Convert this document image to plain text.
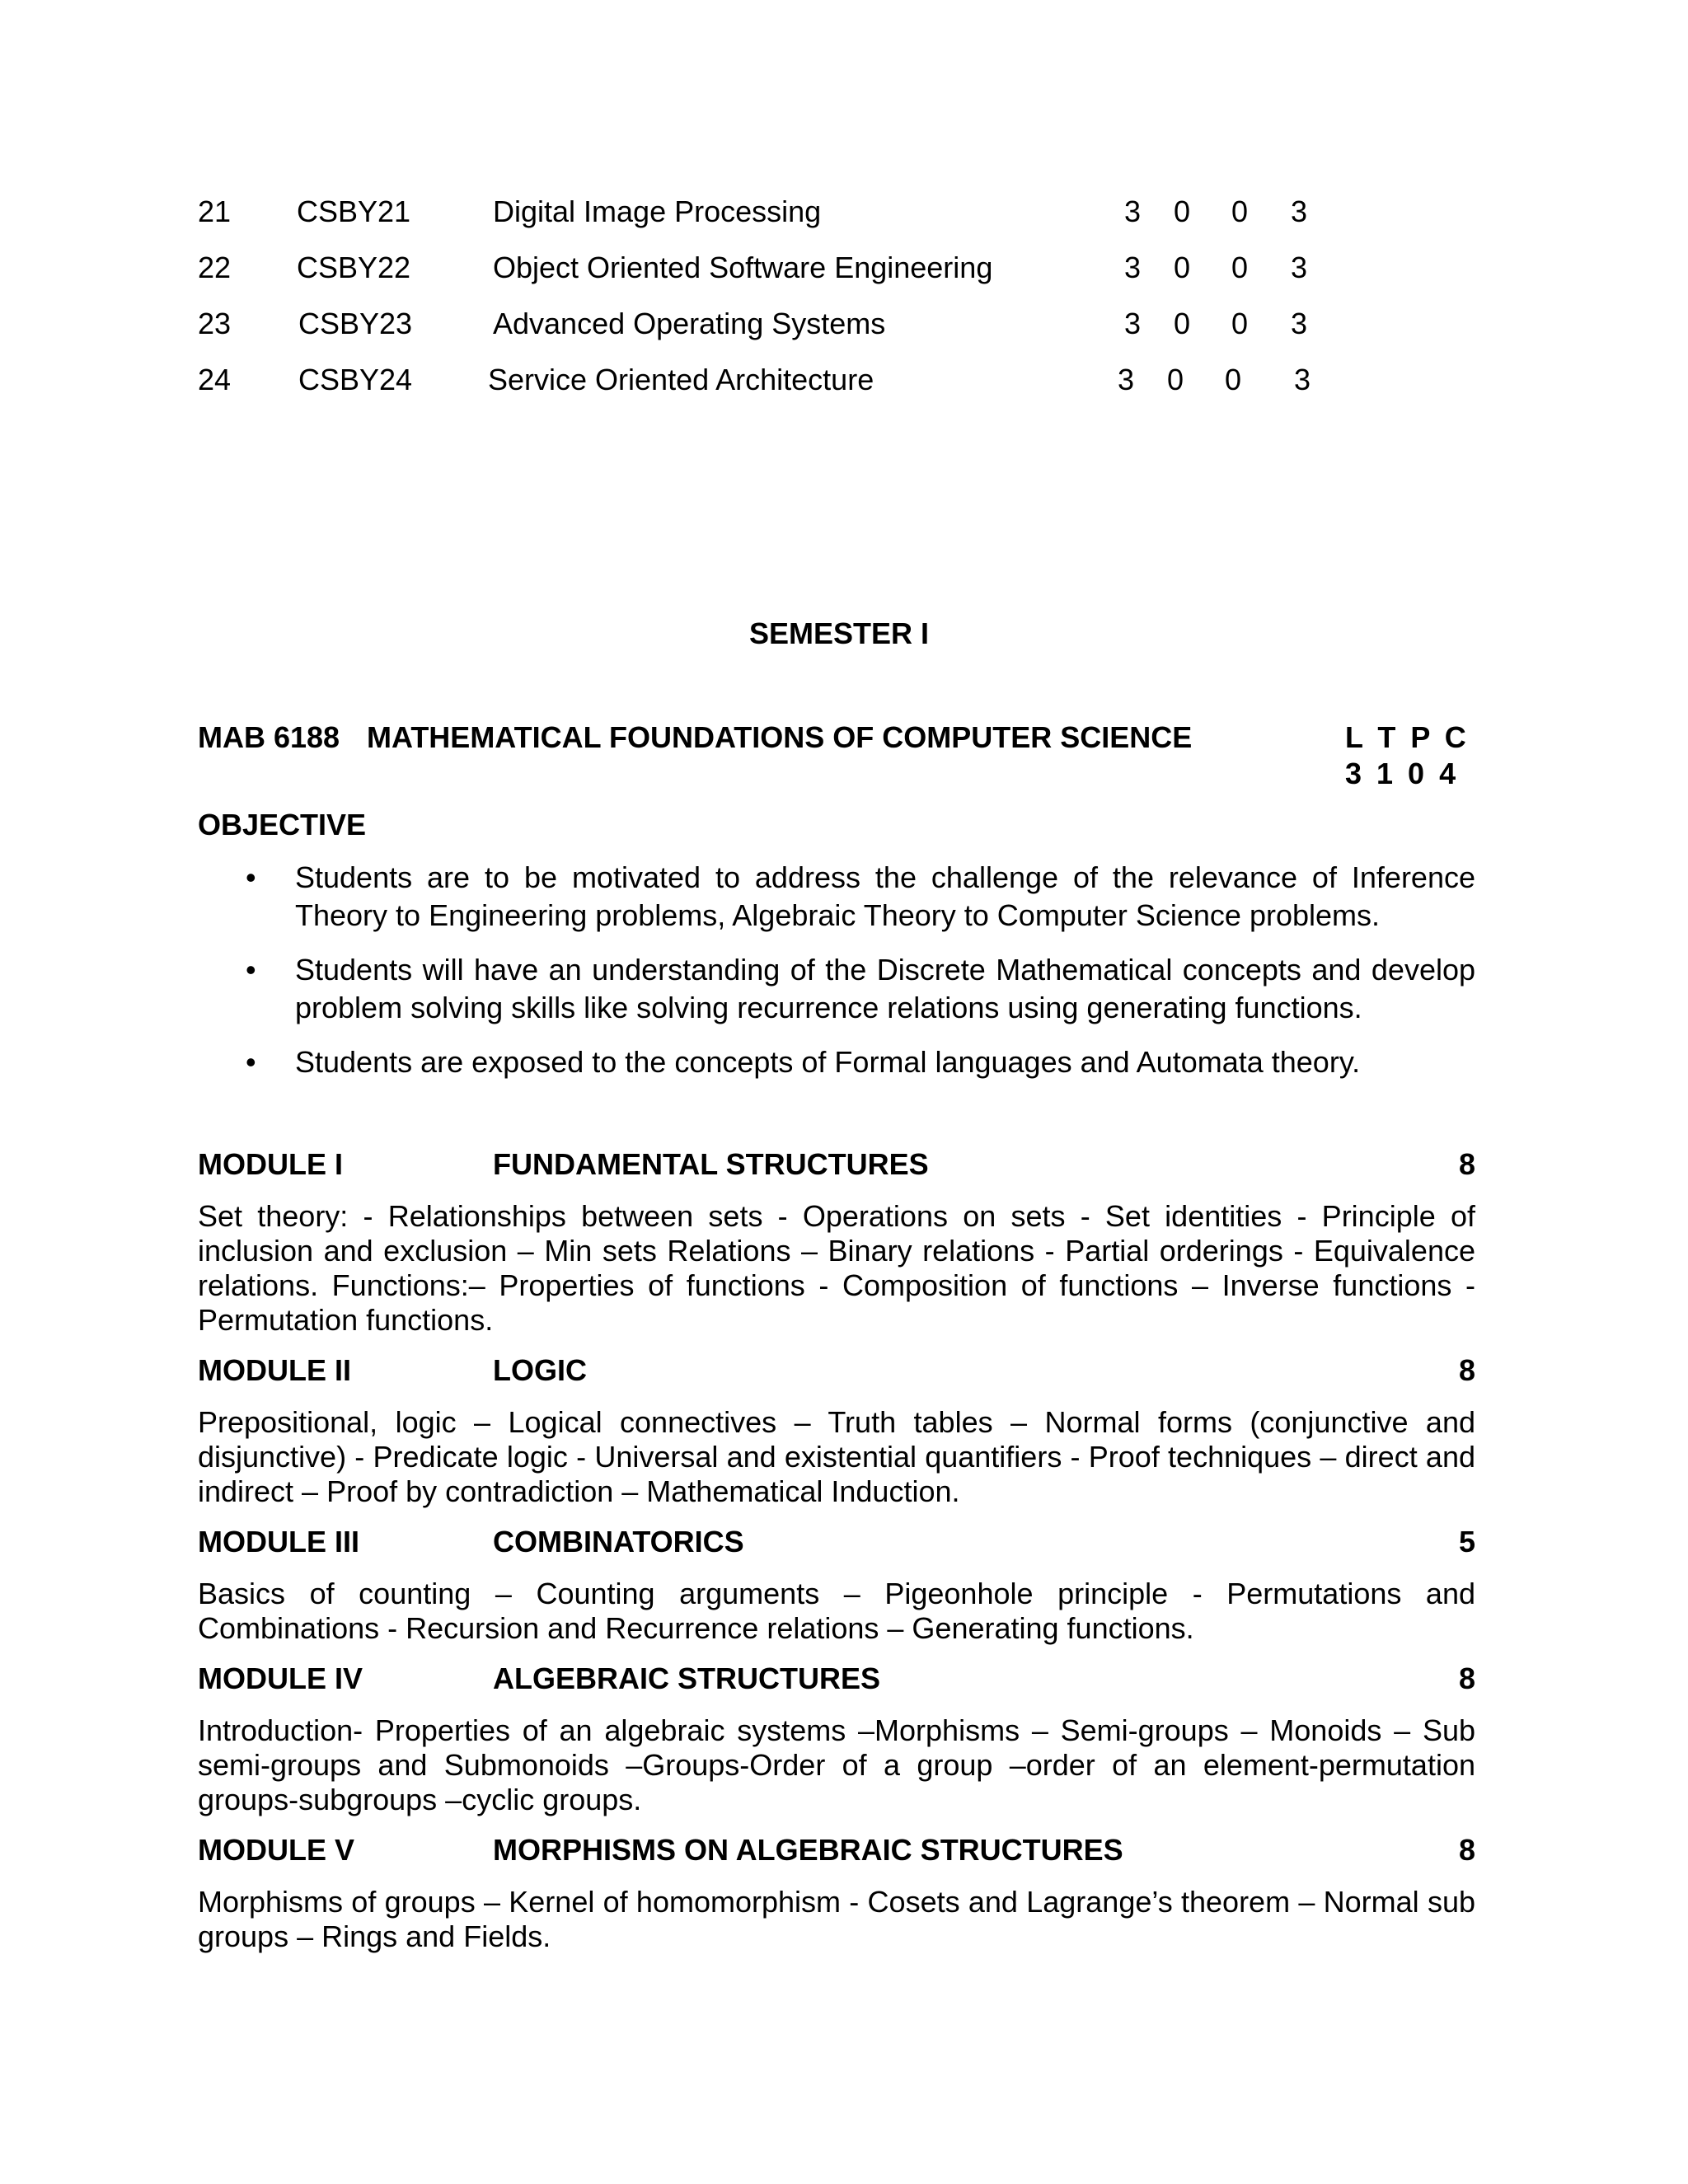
21 CSBY21	Digital Image Processing	3 0 0 3
22 CSBY22	Object Oriented Software Engineering	3 0 0 3
23 CSBY23	Advanced Operating Systems	3 0 0 3
24 CSBY24	Service Oriented Architecture	3 0 0 3
SEMESTER I
MAB 6188 MATHEMATICAL FOUNDATIONS OF COMPUTER SCIENCE	L T P C
3 1 0 4
OBJECTIVE
• Students are to be motivated to address the challenge of the relevance of Inference Theory to Engineering problems, Algebraic Theory to Computer Science problems.
• Students will have an understanding of the Discrete Mathematical concepts and develop problem solving skills like solving recurrence relations using generating functions.
• Students are exposed to the concepts of Formal languages and Automata theory.
MODULE I	FUNDAMENTAL STRUCTURES	8
Set theory: - Relationships between sets - Operations on sets - Set identities - Principle of inclusion and exclusion – Min sets Relations – Binary relations - Partial orderings - Equivalence relations. Functions:– Properties of functions - Composition of functions – Inverse functions - Permutation functions.
MODULE II	LOGIC	8
Prepositional, logic – Logical connectives – Truth tables – Normal forms (conjunctive and disjunctive) - Predicate logic - Universal and existential quantifiers - Proof techniques – direct and indirect – Proof by contradiction – Mathematical Induction.
MODULE III	COMBINATORICS	5
Basics of counting – Counting arguments – Pigeonhole principle - Permutations and Combinations - Recursion and Recurrence relations – Generating functions.
MODULE IV	ALGEBRAIC STRUCTURES	8
Introduction- Properties of an algebraic systems –Morphisms – Semi-groups – Monoids – Sub semi-groups and Submonoids –Groups-Order of a group –order of an element-permutation groups-subgroups –cyclic groups.
MODULE V	MORPHISMS ON ALGEBRAIC STRUCTURES	8
Morphisms of groups – Kernel of homomorphism - Cosets and Lagrange’s theorem – Normal sub groups – Rings and Fields.
